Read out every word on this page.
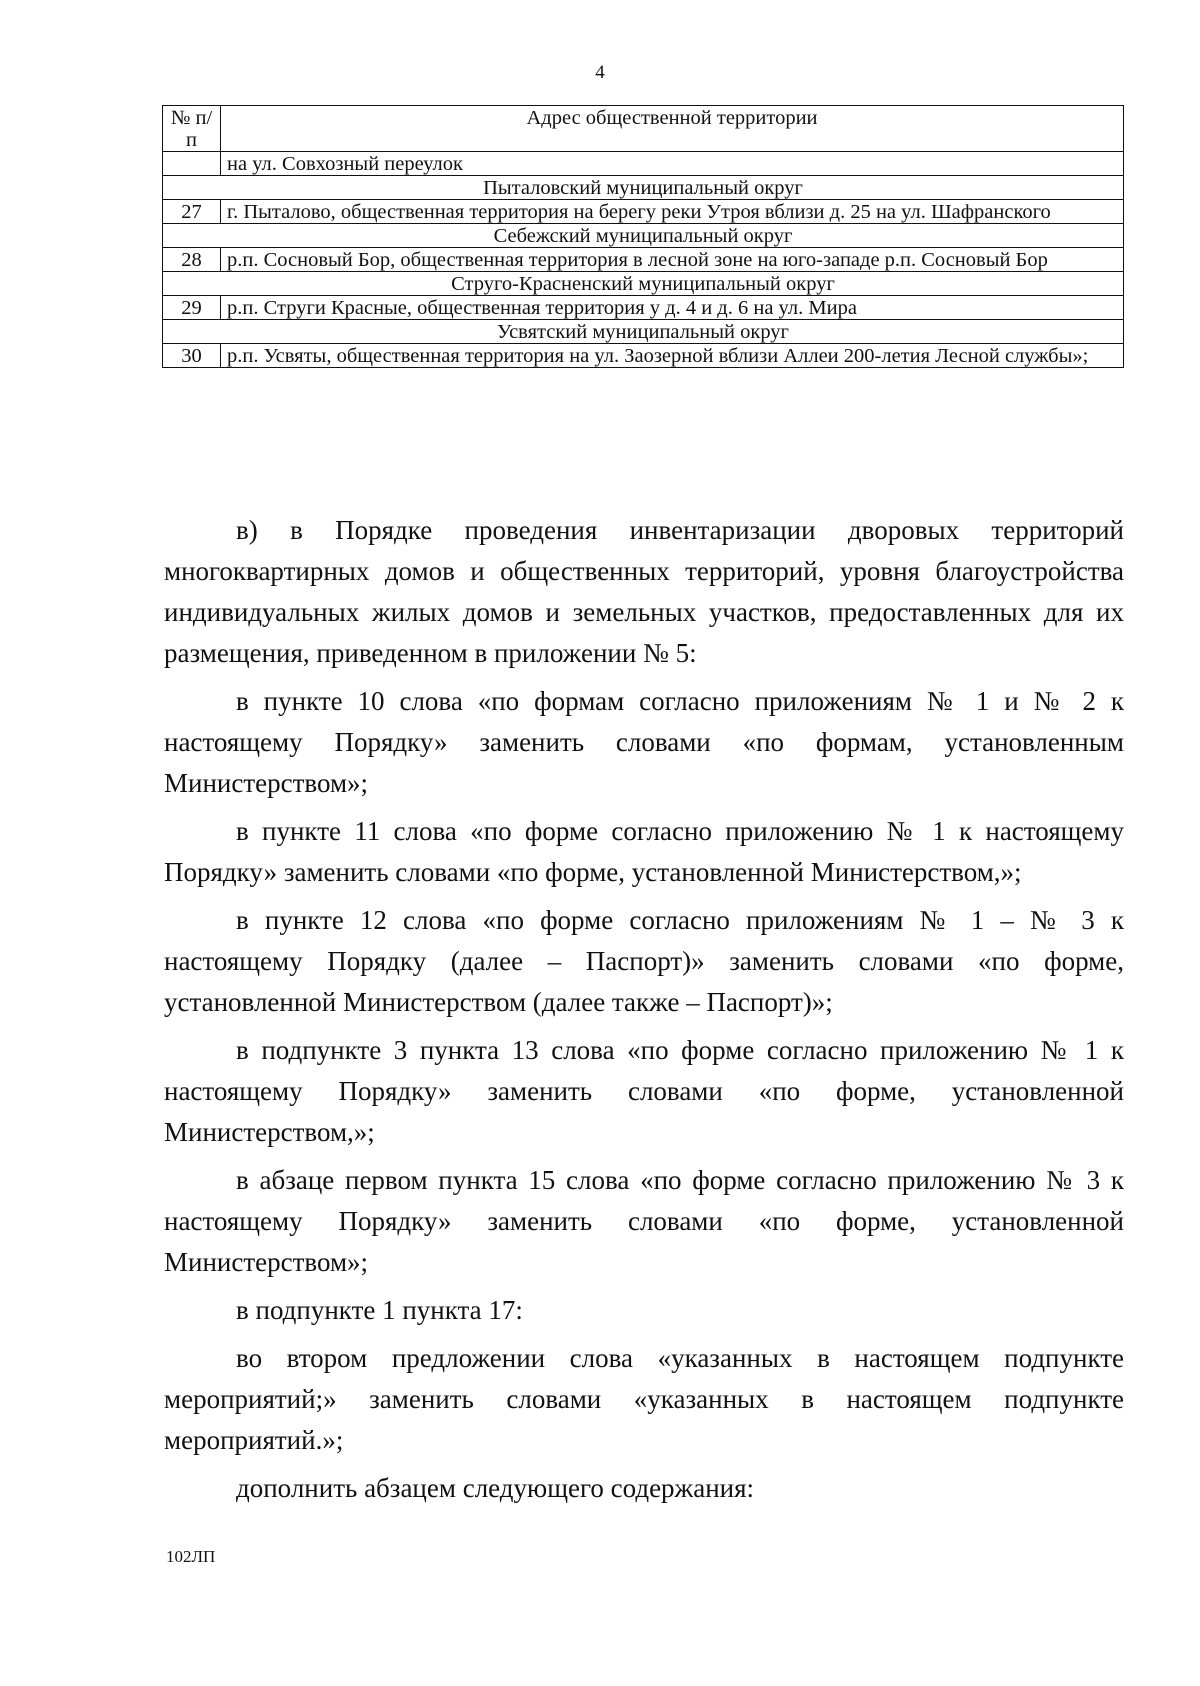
4
№ п/п	Адрес общественной территории
	на ул. Совхозный переулок
Пыталовский муниципальный округ	
27	г. Пыталово, общественная территория на берегу реки Утроя вблизи д. 25 на ул. Шафранского
Себежский муниципальный округ	
28	р.п. Сосновый Бор, общественная территория в лесной зоне на юго-западе р.п. Сосновый Бор
Струго-Красненский муниципальный округ	
29	р.п. Струги Красные, общественная территория у д. 4 и д. 6 на ул. Мира
Усвятский муниципальный округ	
30	р.п. Усвяты, общественная территория на ул. Заозерной вблизи Аллеи 200-летия Лесной службы»;

в) в Порядке проведения инвентаризации дворовых территорий многоквартирных домов и общественных территорий, уровня благоустройства индивидуальных жилых домов и земельных участков, предоставленных для их размещения, приведенном в приложении № 5:

в пункте 10 слова «по формам согласно приложениям № 1 и № 2 к настоящему Порядку» заменить словами «по формам, установленным Министерством»;

в пункте 11 слова «по форме согласно приложению № 1 к настоящему Порядку» заменить словами «по форме, установленной Министерством,»;

в пункте 12 слова «по форме согласно приложениям № 1 – № 3 к настоящему Порядку (далее – Паспорт)» заменить словами «по форме, установленной Министерством (далее также – Паспорт)»;

в подпункте 3 пункта 13 слова «по форме согласно приложению № 1 к настоящему Порядку» заменить словами «по форме, установленной Министерством,»;

в абзаце первом пункта 15 слова «по форме согласно приложению № 3 к настоящему Порядку» заменить словами «по форме, установленной Министерством»;

в подпункте 1 пункта 17:

во втором предложении слова «указанных в настоящем подпункте мероприятий;» заменить словами «указанных в настоящем подпункте мероприятий.»;

дополнить абзацем следующего содержания:

102ЛП
